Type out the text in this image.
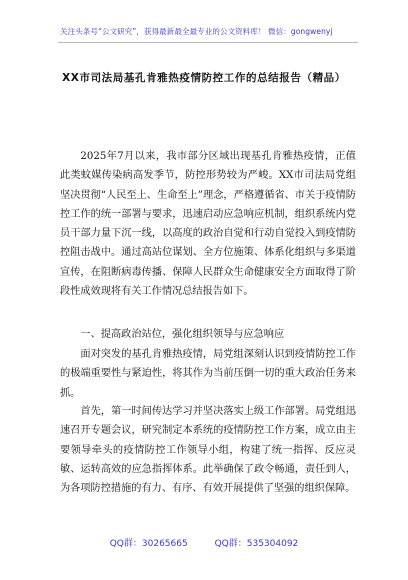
关注头条号“公文研究”，获得最新最全最专业的公文资料库！ 微信：gongwenyj
XX市司法局基孔肯雅热疫情防控工作的总结报告（精品）

2025年7月以来，我市部分区域出现基孔肯雅热疫情，正值此类蚊媒传染病高发季节，防控形势较为严峻。XX市司法局党组坚决贯彻“人民至上、生命至上”理念，严格遵循省、市关于疫情防控工作的统一部署与要求，迅速启动应急响应机制，组织系统内党员干部力量下沉一线，以高度的政治自觉和行动自觉投入到疫情防控阻击战中。通过高站位谋划、全方位施策、体系化组织与多渠道宣传，在阻断病毒传播、保障人民群众生命健康安全方面取得了阶段性成效现将有关工作情况总结报告如下。

一、提高政治站位，强化组织领导与应急响应

面对突发的基孔肯雅热疫情，局党组深刻认识到疫情防控工作的极端重要性与紧迫性，将其作为当前压倒一切的重大政治任务来抓。

首先，第一时间传达学习并坚决落实上级工作部署。局党组迅速召开专题会议，研究制定本系统的疫情防控工作方案，成立由主要领导牵头的疫情防控工作领导小组，构建了统一指挥、反应灵敏、运转高效的应急指挥体系。此举确保了政令畅通，责任到人，为各项防控措施的有力、有序、有效开展提供了坚强的组织保障。

QQ群：30265665	QQ群：535304092
